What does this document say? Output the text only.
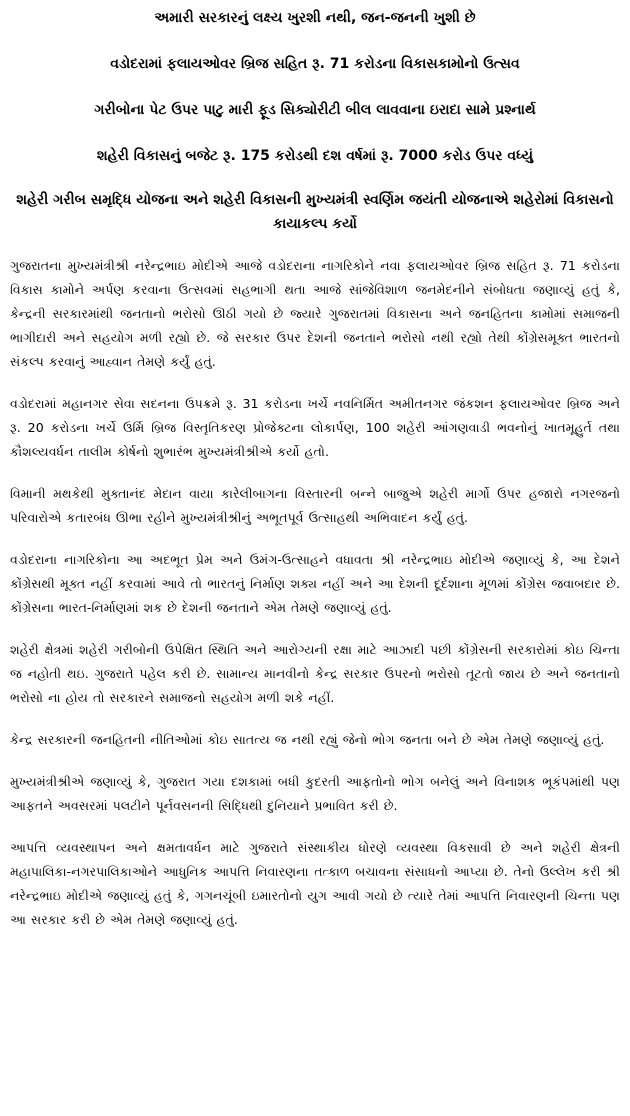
અમારી સરકારનું લક્ષ્ય ખુરશી નથી, જન-જનની ખુશી છે
વડોદરામાં ફલાયઓવર બ્રિજ સહિત રૂ. 71 કરોડના વિકાસકામોનો ઉત્સવ
ગરીબોના પેટ ઉપર પાટુ મારી ફૂડ સિક્યોરીટી બીલ લાવવાના ઇરાદા સામે પ્રશ્નાર્થ
શહેરી વિકાસનું બજેટ રૂ. 175 કરોડથી દશ વર્ષમાં રૂ. 7000 કરોડ ઉપર વધ્યું
શહેરી ગરીબ સમૃદ્ધિ યોજના અને શહેરી વિકાસની મુખ્યમંત્રી સ્વર્ણિમ જયંતી યોજનાએ શહેરોમાં વિકાસનો કાયાકલ્પ કર્યો

ગુજરાતના મુખ્યમંત્રીશ્રી નરેન્દ્રભાઇ મોદીએ આજે વડોદરાના નાગરિકોને નવા ફલાયઓવર બ્રિજ સહિત રૂ. 71 કરોડના વિકાસ કામોને અર્પણ કરવાના ઉત્સવમાં સહભાગી થતા આજે સાંજેવિશાળ જનમેદનીને સંબોધતા જણાવ્યું હતું કે, કેન્દ્રની સરકારમાંથી જનતાનો ભરોસો ઊઠી ગયો છે જ્યારે ગુજરાતમાં વિકાસના અને જનહિતના કામોમાં સમાજની ભાગીદારી અને સહયોગ મળી રહ્યો છે. જે સરકાર ઉપર દેશની જનતાને ભરોસો નથી રહ્યો તેથી કોંગ્રેસમૂક્ત ભારતનો સંકલ્પ કરવાનું આહ્વાન તેમણે કર્યું હતું.

વડોદરામાં મહાનગર સેવા સદનના ઉપક્રમે રૂ. 31 કરોડના ખર્ચે નવનિર્મિત અમીતનગર જંકશન ફલાયઓવર બ્રિજ અને રૂ. 20 કરોડના ખર્ચે ઉર્મિ બ્રિજ વિસ્તૃતિકરણ પ્રોજેક્ટના લોકાર્પણ, 100 શહેરી આંગણવાડી ભવનોનું ખાતમૂહુર્ત તથા કૌશલ્યવર્ધન તાલીમ કોર્ષનો શુભારંભ મુખ્યમંત્રીશ્રીએ કર્યો હતો.

વિમાની મથકેથી મુક્તાનંદ મેદાન વાયા કારેલીબાગના વિસ્તારની બન્ને બાજુએ શહેરી માર્ગો ઉપર હજારો નગરજનો પરિવારોએ કતારબંધ ઊભા રહીને મુખ્યમંત્રીશ્રીનું અભૂતપૂર્વ ઉત્સાહથી અભિવાદન કર્યું હતું.

વડોદરાના નાગરિકોના આ અદભૂત પ્રેમ અને ઉમંગ-ઉત્સાહને વધાવતા શ્રી નરેન્દ્રભાઇ મોદીએ જણાવ્યું કે, આ દેશને કોંગ્રેસથી મૂક્ત નહીં કરવામાં આવે તો ભારતનું નિર્માણ શક્ય નહીં અને આ દેશની દૂર્દશાના મૂળમાં કોંગ્રેસ જવાબદાર છે. કોંગ્રેસના ભારત-નિર્માણમાં શક છે દેશની જનતાને એમ તેમણે જણાવ્યું હતું.

શહેરી ક્ષેત્રમાં શહેરી ગરીબોની ઉપેક્ષિત સ્થિતિ અને આરોગ્યની રક્ષા માટે આઝાદી પછી કોંગ્રેસની સરકારોમાં કોઇ ચિન્તા જ નહોતી થઇ. ગુજરાતે પહેલ કરી છે. સામાન્ય માનવીનો કેન્દ્ર સરકાર ઉપરનો ભરોસો તૂટતો જાય છે અને જનતાનો ભરોસો ના હોય તો સરકારને સમાજનો સહયોગ મળી શકે નહીં.

કેન્દ્ર સરકારની જનહિતની નીતિઓમાં કોઇ સાતત્ય જ નથી રહ્યું જેનો ભોગ જનતા બને છે એમ તેમણે જણાવ્યું હતું.

મુખ્યમંત્રીશ્રીએ જણાવ્યું કે, ગુજરાત ગયા દશકામાં બધી કુદરતી આફતોનો ભોગ બનેલું અને વિનાશક ભૂકંપમાંથી પણ આફતને અવસરમાં પલટીને પૂર્નવસનની સિદ્ધિથી દુનિયાને પ્રભાવિત કરી છે.

આપત્તિ વ્યવસ્થાપન અને ક્ષમતાવર્ધન માટે ગુજરાતે સંસ્થાકીય ધોરણે વ્યવસ્થા વિકસાવી છે અને શહેરી ક્ષેત્રની મહાપાલિકા-નગરપાલિકાઓને આધુનિક આપત્તિ નિવારણના તત્કાળ બચાવના સંસાધનો આપ્યા છે. તેનો ઉલ્લેખ કરી શ્રી નરેન્દ્રભાઇ મોદીએ જણાવ્યું હતું કે, ગગનચૂંબી ઇમારતોનો યુગ આવી ગયો છે ત્યારે તેમાં આપત્તિ નિવારણની ચિન્તા પણ આ સરકાર કરી છે એમ તેમણે જણાવ્યું હતું.
